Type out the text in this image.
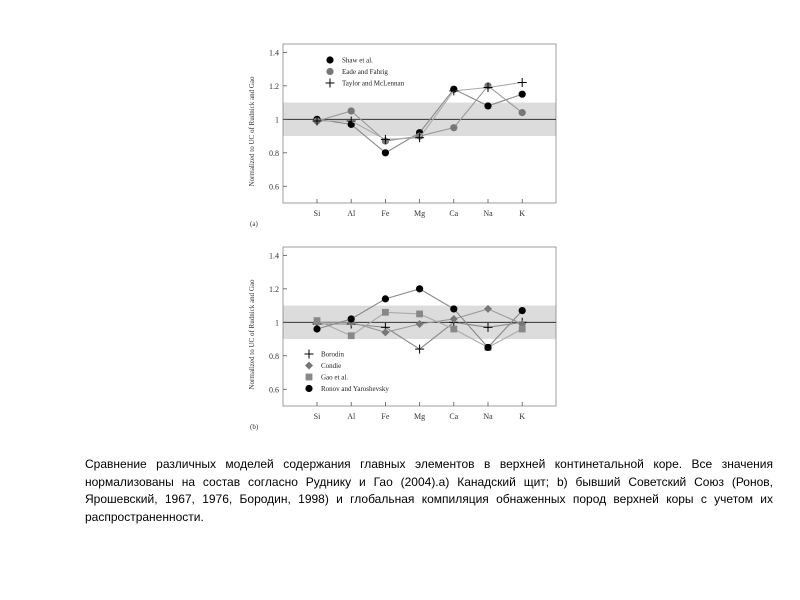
0.6
0.8
1
1.2
1.4
Si	Al	Fe	Mg	Ca	Na	K
Normalized to UC of Rudnick and Gao
(a)
Shaw et al.
Eade and Fahrig
Taylor and McLennan
0.6
0.8
1
1.2
1.4
Si	Al	Fe	Mg	Ca	Na	K
Normalized to UC of Rudnick and Gao
(b)
Borodin
Condie
Gao et al.
Ronov and Yaroshevsky

Сравнение различных моделей содержания главных элементов в верхней континетальной коре. Все значения нормализованы на состав согласно Руднику и Гао (2004).а) Канадский щит; b) бывший Советский Союз (Ронов, Ярошевский, 1967, 1976, Бородин, 1998) и глобальная компиляция обнаженных пород верхней коры с учетом их распространенности.
